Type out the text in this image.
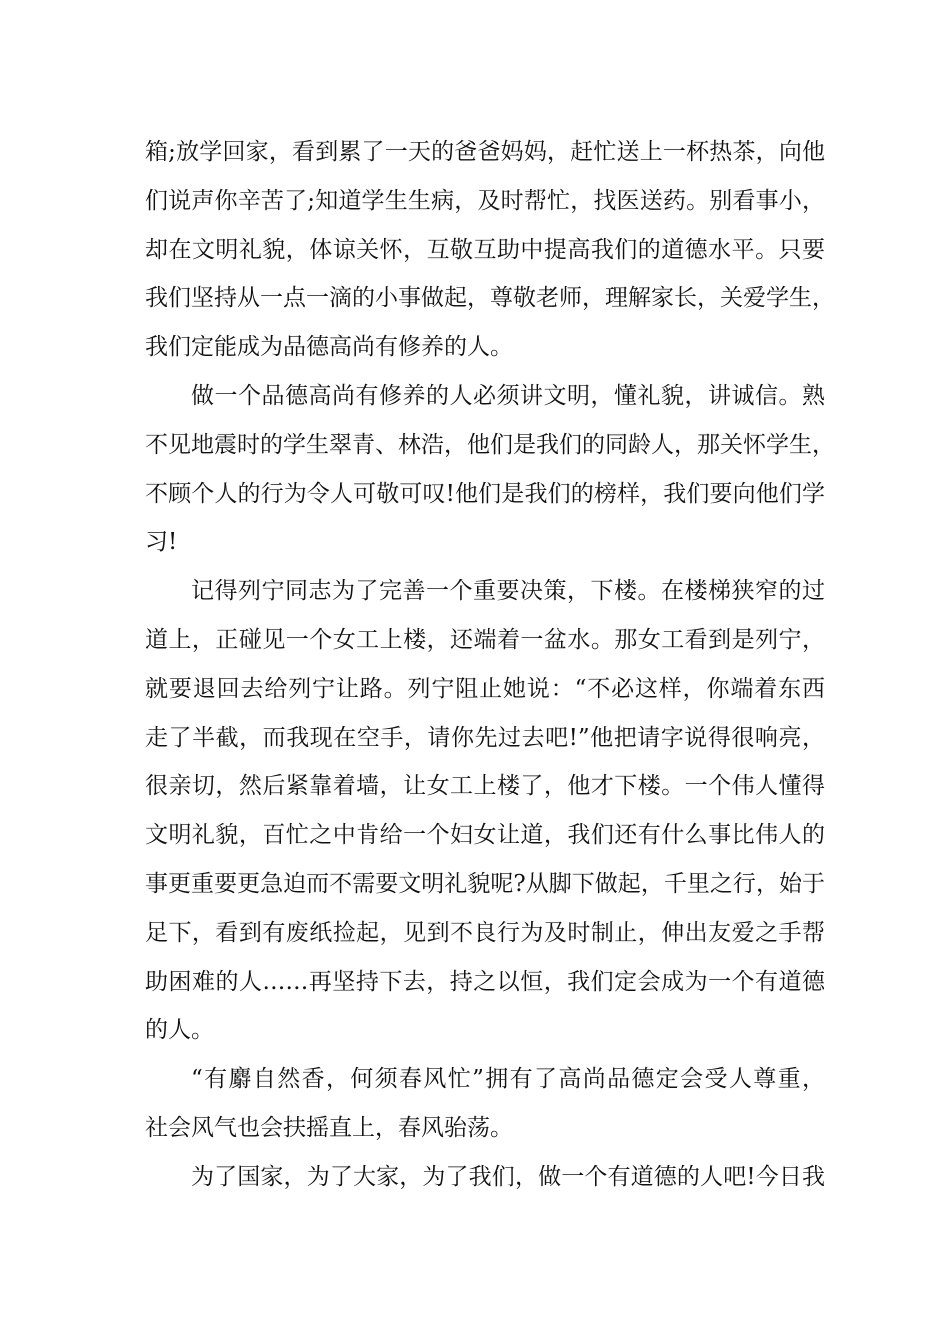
箱;放学回家，看到累了一天的爸爸妈妈，赶忙送上一杯热茶，向他
们说声你辛苦了;知道学生生病，及时帮忙，找医送药。别看事小，
却在文明礼貌，体谅关怀，互敬互助中提高我们的道德水平。只要
我们坚持从一点一滴的小事做起，尊敬老师，理解家长，关爱学生，
我们定能成为品德高尚有修养的人。
做一个品德高尚有修养的人必须讲文明，懂礼貌，讲诚信。熟
不见地震时的学生翠青、林浩，他们是我们的同龄人，那关怀学生，
不顾个人的行为令人可敬可叹!他们是我们的榜样，我们要向他们学
习!
记得列宁同志为了完善一个重要决策，下楼。在楼梯狭窄的过
道上，正碰见一个女工上楼，还端着一盆水。那女工看到是列宁，
就要退回去给列宁让路。列宁阻止她说：“不必这样，你端着东西
走了半截，而我现在空手，请你先过去吧!”他把请字说得很响亮，
很亲切，然后紧靠着墙，让女工上楼了，他才下楼。一个伟人懂得
文明礼貌，百忙之中肯给一个妇女让道，我们还有什么事比伟人的
事更重要更急迫而不需要文明礼貌呢?从脚下做起，千里之行，始于
足下，看到有废纸捡起，见到不良行为及时制止，伸出友爱之手帮
助困难的人……再坚持下去，持之以恒，我们定会成为一个有道德
的人。
“有麝自然香，何须春风忙”拥有了高尚品德定会受人尊重，
社会风气也会扶摇直上，春风骀荡。
为了国家，为了大家，为了我们，做一个有道德的人吧!今日我
